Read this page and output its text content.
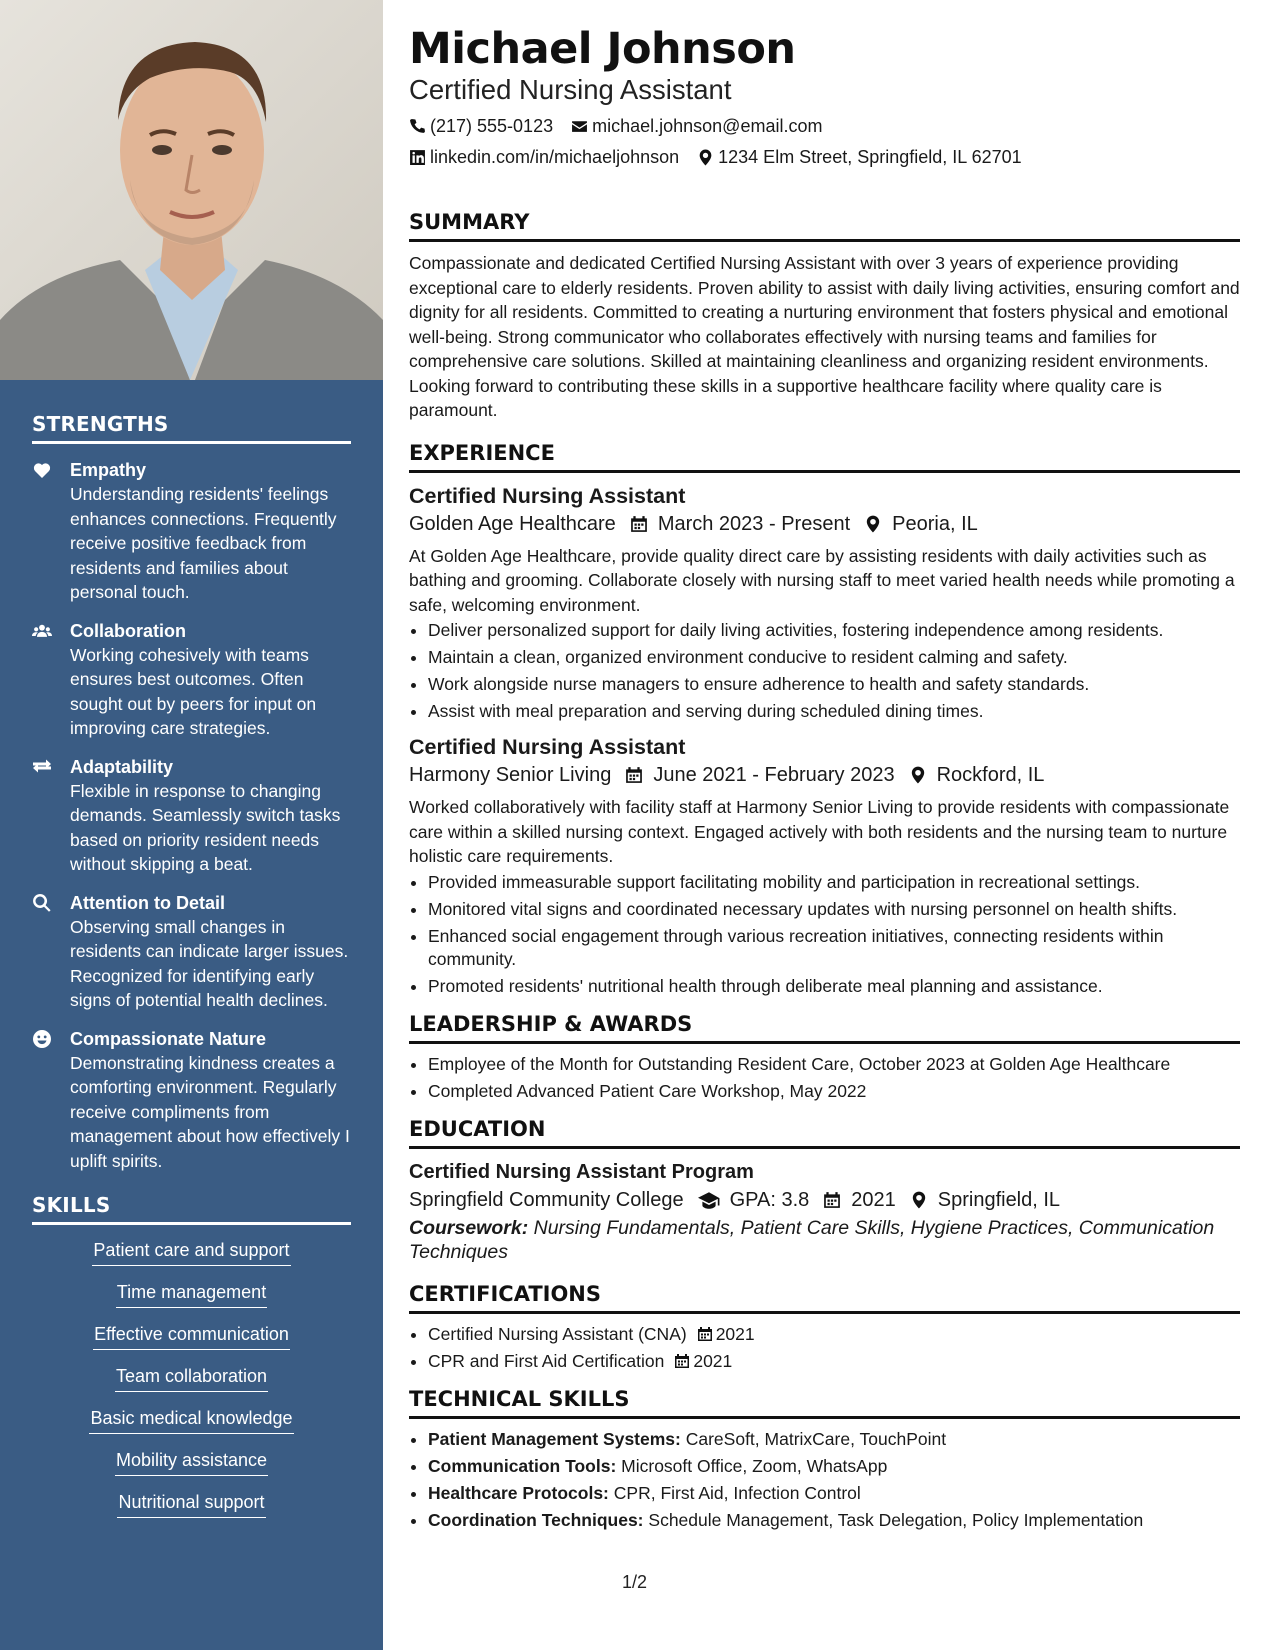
STRENGTHS
Empathy
Understanding residents' feelings enhances connections. Frequently receive positive feedback from residents and families about personal touch.
Collaboration
Working cohesively with teams ensures best outcomes. Often sought out by peers for input on improving care strategies.
Adaptability
Flexible in response to changing demands. Seamlessly switch tasks based on priority resident needs without skipping a beat.
Attention to Detail
Observing small changes in residents can indicate larger issues. Recognized for identifying early signs of potential health declines.
Compassionate Nature
Demonstrating kindness creates a comforting environment. Regularly receive compliments from management about how effectively I uplift spirits.
SKILLS
Patient care and support
Time management
Effective communication
Team collaboration
Basic medical knowledge
Mobility assistance
Nutritional support
Michael Johnson
Certified Nursing Assistant
(217) 555-0123 michael.johnson@email.com
linkedin.com/in/michaeljohnson 1234 Elm Street, Springfield, IL 62701
SUMMARY
Compassionate and dedicated Certified Nursing Assistant with over 3 years of experience providing exceptional care to elderly residents. Proven ability to assist with daily living activities, ensuring comfort and dignity for all residents. Committed to creating a nurturing environment that fosters physical and emotional well-being. Strong communicator who collaborates effectively with nursing teams and families for comprehensive care solutions. Skilled at maintaining cleanliness and organizing resident environments. Looking forward to contributing these skills in a supportive healthcare facility where quality care is paramount.
EXPERIENCE
Certified Nursing Assistant
Golden Age Healthcare March 2023 - Present Peoria, IL
At Golden Age Healthcare, provide quality direct care by assisting residents with daily activities such as bathing and grooming. Collaborate closely with nursing staff to meet varied health needs while promoting a safe, welcoming environment.
• Deliver personalized support for daily living activities, fostering independence among residents.
• Maintain a clean, organized environment conducive to resident calming and safety.
• Work alongside nurse managers to ensure adherence to health and safety standards.
• Assist with meal preparation and serving during scheduled dining times.
Certified Nursing Assistant
Harmony Senior Living June 2021 - February 2023 Rockford, IL
Worked collaboratively with facility staff at Harmony Senior Living to provide residents with compassionate care within a skilled nursing context. Engaged actively with both residents and the nursing team to nurture holistic care requirements.
• Provided immeasurable support facilitating mobility and participation in recreational settings.
• Monitored vital signs and coordinated necessary updates with nursing personnel on health shifts.
• Enhanced social engagement through various recreation initiatives, connecting residents within community.
• Promoted residents' nutritional health through deliberate meal planning and assistance.
LEADERSHIP & AWARDS
• Employee of the Month for Outstanding Resident Care, October 2023 at Golden Age Healthcare
• Completed Advanced Patient Care Workshop, May 2022
EDUCATION
Certified Nursing Assistant Program
Springfield Community College GPA: 3.8 2021 Springfield, IL
Coursework: Nursing Fundamentals, Patient Care Skills, Hygiene Practices, Communication Techniques
CERTIFICATIONS
• Certified Nursing Assistant (CNA) 2021
• CPR and First Aid Certification 2021
TECHNICAL SKILLS
• Patient Management Systems: CareSoft, MatrixCare, TouchPoint
• Communication Tools: Microsoft Office, Zoom, WhatsApp
• Healthcare Protocols: CPR, First Aid, Infection Control
• Coordination Techniques: Schedule Management, Task Delegation, Policy Implementation
1/2
